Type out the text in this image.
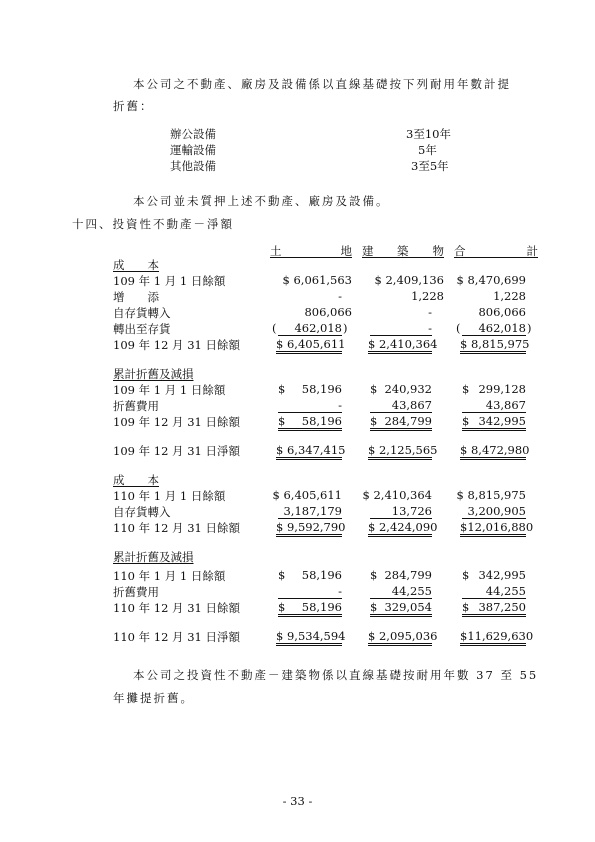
本公司之不動產、廠房及設備係以直線基礎按下列耐用年數計提
折舊：
辦公設備	3至10年
運輸設備	5年
其他設備	3至5年
本公司並未質押上述不動產、廠房及設備。
十四、投資性不動產－淨額
土	地 建 築 物 合	計
成　　本
109 年 1 月 1 日餘額	$ 6,061,563	$ 2,409,136 $ 8,470,699
增　　添	-	1,228	1,228
自存貨轉入	806,066	-	806,066
轉出至存貨	(	462,018 )	- (	462,018 )
109 年 12 月 31 日餘額	$ 6,405,611 $ 2,410,364 $ 8,815,975
累計折舊及減損
109 年 1 月 1 日餘額	$	58,196 $ 240,932	$ 299,128
折舊費用	-	43,867	43,867
109 年 12 月 31 日餘額	$ 58,196 $ 284,799	$ 342,995
109 年 12 月 31 日淨額	$ 6,347,415 $ 2,125,565 $ 8,472,980
成　　本
110 年 1 月 1 日餘額	$ 6,405,611 $ 2,410,364 $ 8,815,975
自存貨轉入	3,187,179	13,726	3,200,905
110 年 12 月 31 日餘額	$ 9,592,790 $ 2,424,090 $12,016,880
累計折舊及減損
110 年 1 月 1 日餘額	$	58,196 $ 284,799	$ 342,995
折舊費用	-	44,255	44,255
110 年 12 月 31 日餘額	$ 58,196 $ 329,054	$ 387,250
110 年 12 月 31 日淨額	$ 9,534,594 $ 2,095,036 $11,629,630
本公司之投資性不動產－建築物係以直線基礎按耐用年數 37 至 55
年攤提折舊。
- 33 -
